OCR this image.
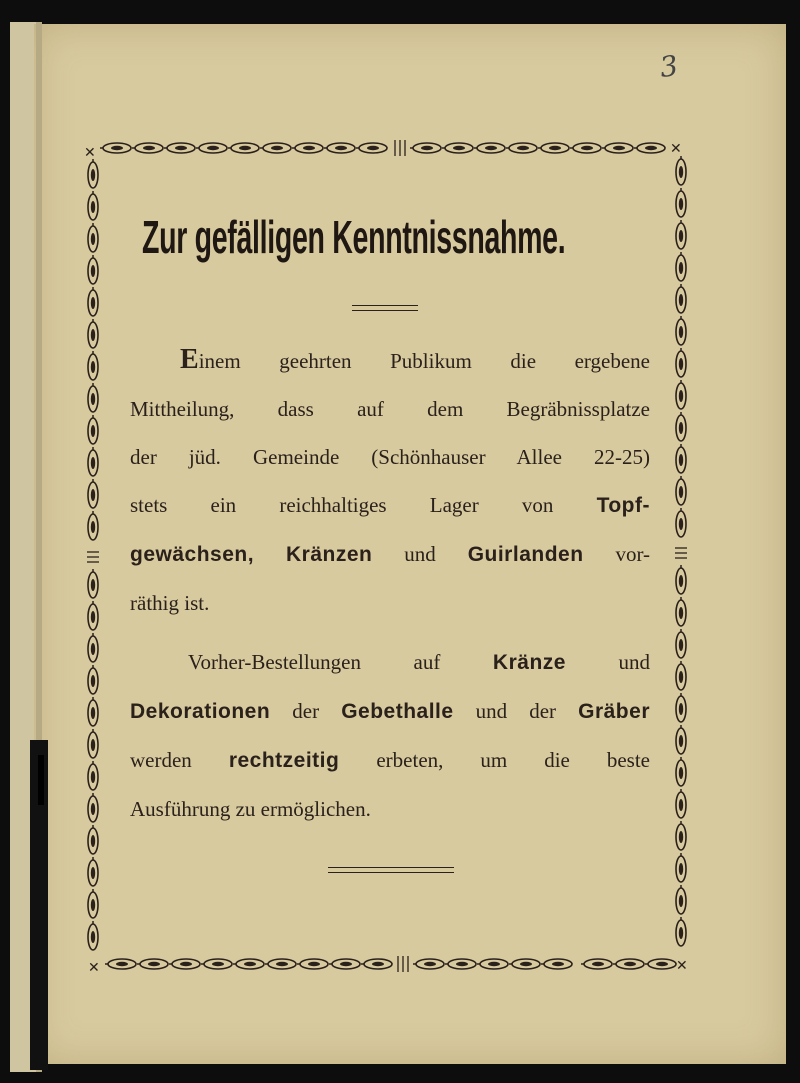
3
✕	✕
✕	✕
Zur gefälligen Kenntnissnahme.
Einem geehrten Publikum die ergebene
Mittheilung, dass auf dem Begräbnissplatze
der jüd. Gemeinde (Schönhauser Allee 22-25)
stets ein reichhaltiges Lager von Topf-
gewächsen, Kränzen und Guirlanden vor-
räthig ist.
Vorher-Bestellungen auf	Kränze	und
Dekorationen der Gebethalle und der Gräber
werden rechtzeitig erbeten, um die beste
Ausführung zu ermöglichen.
